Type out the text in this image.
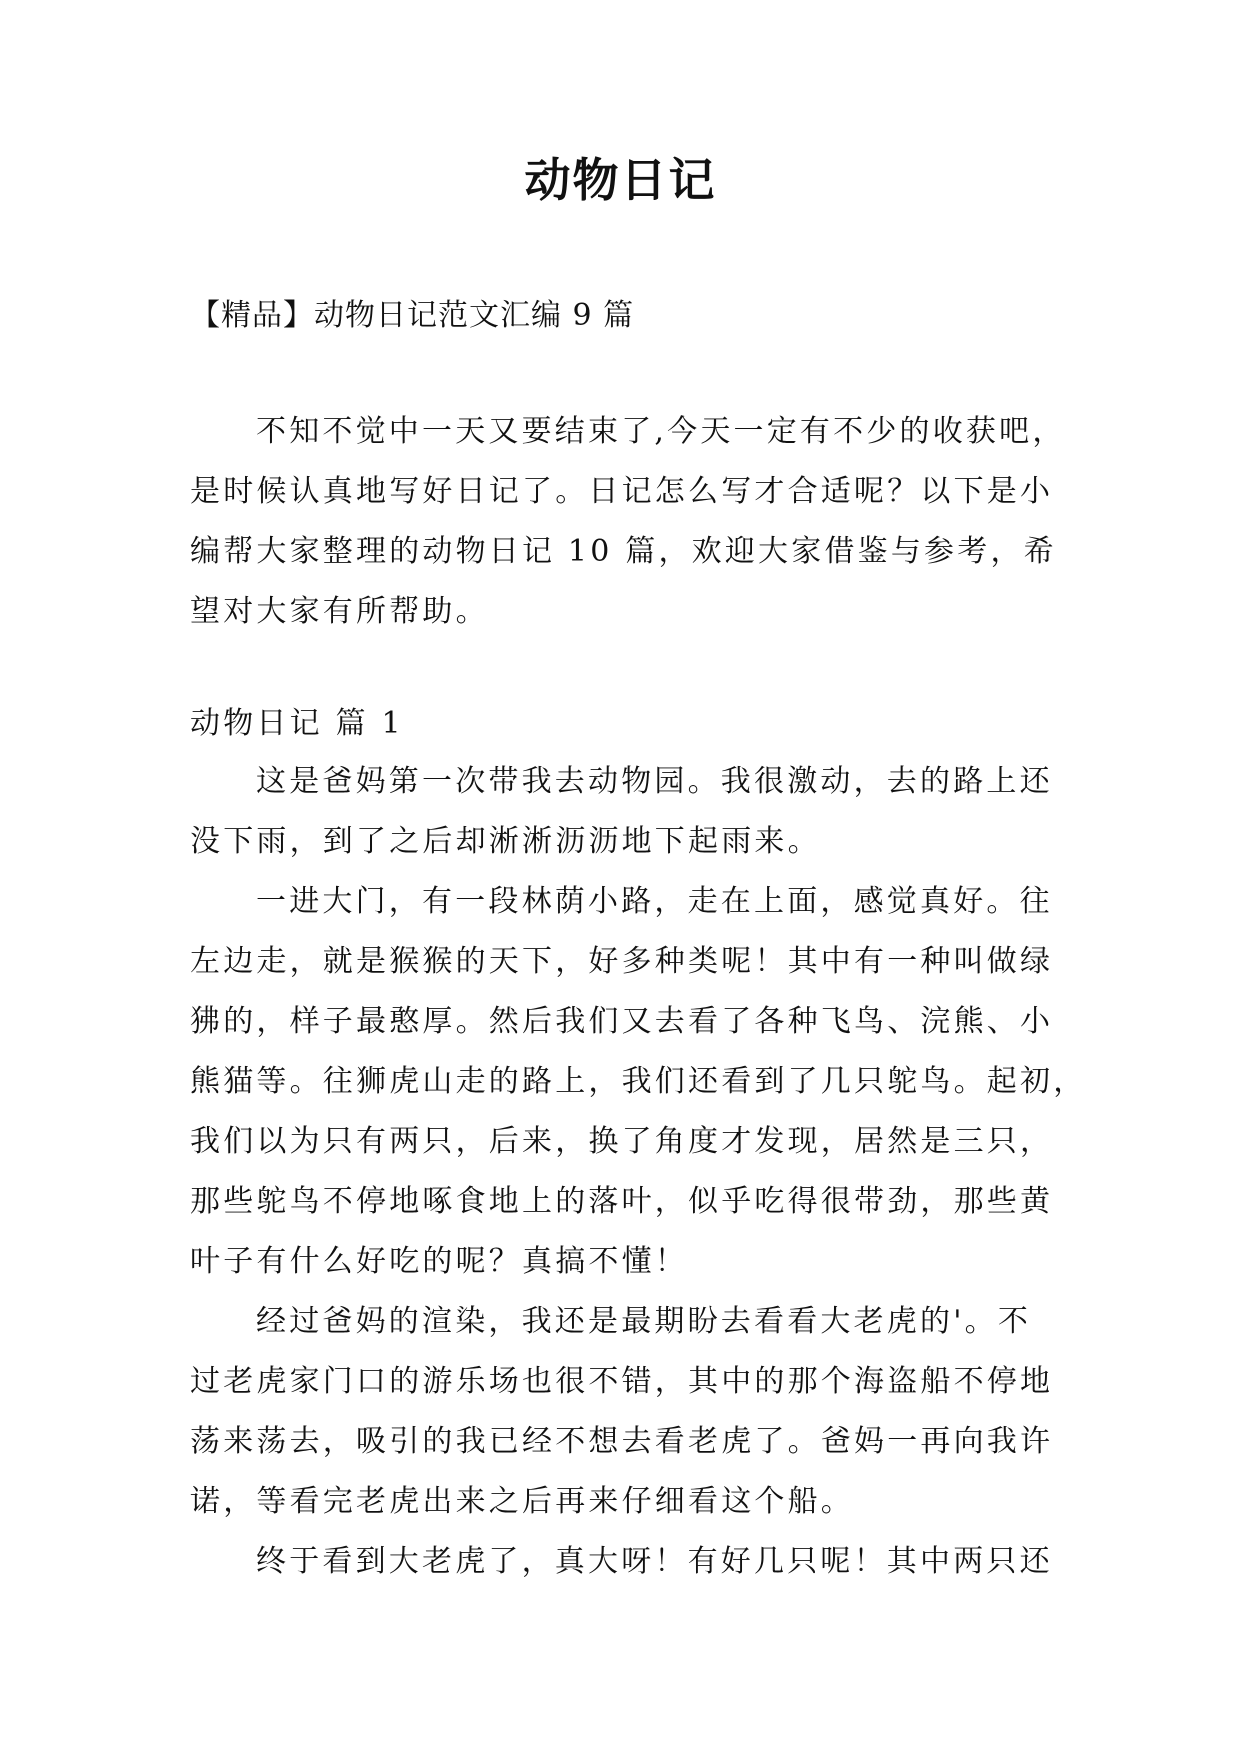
动物日记

【精品】动物日记范文汇编 9 篇

不知不觉中一天又要结束了,今天一定有不少的收获吧，

是时候认真地写好日记了。日记怎么写才合适呢？以下是小

编帮大家整理的动物日记 10 篇，欢迎大家借鉴与参考，希

望对大家有所帮助。

动物日记 篇 1

这是爸妈第一次带我去动物园。我很激动，去的路上还

没下雨，到了之后却淅淅沥沥地下起雨来。

一进大门，有一段林荫小路，走在上面，感觉真好。往

左边走，就是猴猴的天下，好多种类呢！其中有一种叫做绿

狒的，样子最憨厚。然后我们又去看了各种飞鸟、浣熊、小

熊猫等。往狮虎山走的路上，我们还看到了几只鸵鸟。起初，

我们以为只有两只，后来，换了角度才发现，居然是三只，

那些鸵鸟不停地啄食地上的落叶，似乎吃得很带劲，那些黄

叶子有什么好吃的呢？真搞不懂！

经过爸妈的渲染，我还是最期盼去看看大老虎的'。不

过老虎家门口的游乐场也很不错，其中的那个海盗船不停地

荡来荡去，吸引的我已经不想去看老虎了。爸妈一再向我许

诺，等看完老虎出来之后再来仔细看这个船。

终于看到大老虎了，真大呀！有好几只呢！其中两只还
